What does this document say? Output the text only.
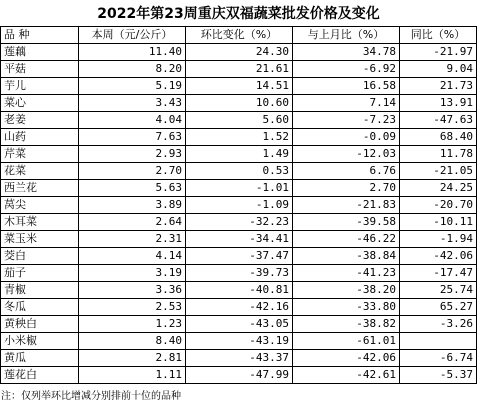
2022年第23周重庆双福蔬菜批发价格及变化
品 种	本周（元/公斤）	环比变化（%）	与上月比（%）	同比（%）
莲藕	11.40	24.30	34.78	-21.97
平菇	8.20	21.61	-6.92	9.04
芋儿	5.19	14.51	16.58	21.73
菜心	3.43	10.60	7.14	13.91
老姜	4.04	5.60	-7.23	-47.63
山药	7.63	1.52	-0.09	68.40
芹菜	2.93	1.49	-12.03	11.78
花菜	2.70	0.53	6.76	-21.05
西兰花	5.63	-1.01	2.70	24.25
莴尖	3.89	-1.09	-21.83	-20.70
木耳菜	2.64	-32.23	-39.58	-10.11
菜玉米	2.31	-34.41	-46.22	-1.94
茭白	4.14	-37.47	-38.84	-42.06
茄子	3.19	-39.73	-41.23	-17.47
青椒	3.36	-40.81	-38.20	25.74
冬瓜	2.53	-42.16	-33.80	65.27
黄秧白	1.23	-43.05	-38.82	-3.26
小米椒	8.40	-43.19	-61.01	
黄瓜	2.81	-43.37	-42.06	-6.74
莲花白	1.11	-47.99	-42.61	-5.37
注：仅列举环比增减分别排前十位的品种
